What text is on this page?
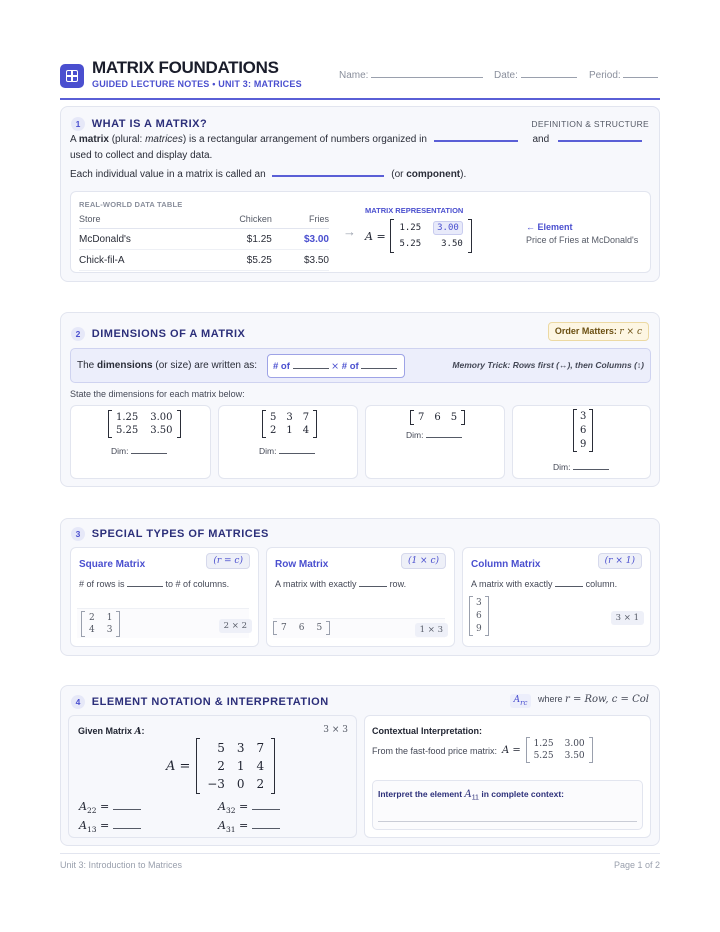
MATRIX FOUNDATIONS
GUIDED LECTURE NOTES • UNIT 3: MATRICES
Name:	Date:	Period:
1 WHAT IS A MATRIX?	DEFINITION & STRUCTURE
A matrix (plural: matrices) is a rectangular arrangement of numbers organized in	and
used to collect and display data.
Each individual value in a matrix is called an	(or component).
REAL-WORLD DATA TABLE
Store	Chicken	Fries
McDonald's	$1.25	$3.00
Chick-fil-A	$5.25	$3.50
→
MATRIX REPRESENTATION
A =
1.25	3.00
5.25	3.50
← Element
Price of Fries at McDonald's
2 DIMENSIONS OF A MATRIX	Order Matters: r × c
The dimensions (or size) are written as:	# of	× # of	Memory Trick: Rows first (↔), then Columns (↕)
State the dimensions for each matrix below:
1.25	3.00
5.25	3.50
Dim:
5	3	7
2	1	4
Dim:
7	6	5
Dim:
3
6
9
Dim:
3 SPECIAL TYPES OF MATRICES
Square Matrix	(r = c)
# of rows is	to # of columns.
2	1
4	3	2 × 2
Row Matrix	(1 × c)
A matrix with exactly	row.
7	6	5	1 × 3
Column Matrix	(r × 1)
A matrix with exactly	column.
3
6
9
3 × 1
4 ELEMENT NOTATION & INTERPRETATION	$A_{rc}$ where r = Row, c = Col
Given Matrix A:	3 × 3
A =
5	3	7
2	1	4
−3	0	2
$A_{22}$ =	$A_{32}$ =
$A_{13}$ =	$A_{31}$ =
Contextual Interpretation:
From the fast-food price matrix: A =
1.25	3.00
5.25	3.50
Interpret the element $A_{11}$ in complete context:
Unit 3: Introduction to Matrices	Page 1 of 2
